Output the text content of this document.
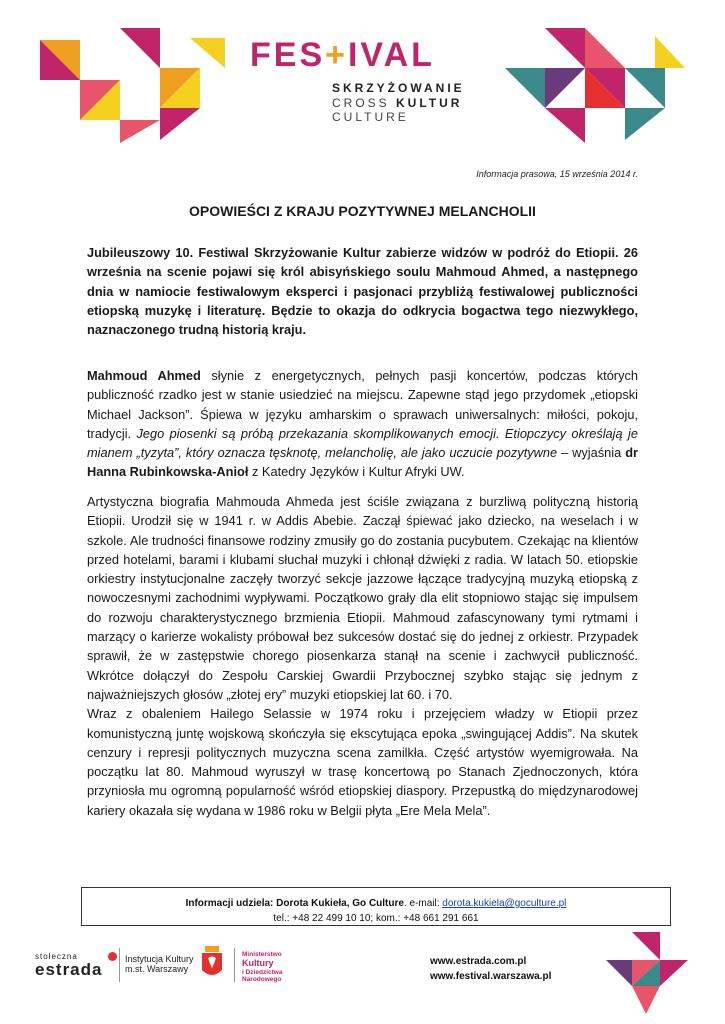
FES+IVAL
SKRZYŻOWANIE
CROSS KULTUR
CULTURE
Informacja prasowa, 15 września 2014 r.
OPOWIEŚCI Z KRAJU POZYTYWNEJ MELANCHOLII
Jubileuszowy 10. Festiwal Skrzyżowanie Kultur zabierze widzów w podróż do Etiopii. 26 września na scenie pojawi się król abisyńskiego soulu Mahmoud Ahmed, a następnego dnia w namiocie festiwalowym eksperci i pasjonaci przybliżą festiwalowej publiczności etiopską muzykę i literaturę. Będzie to okazja do odkrycia bogactwa tego niezwykłego, naznaczonego trudną historią kraju.
Mahmoud Ahmed słynie z energetycznych, pełnych pasji koncertów, podczas których publiczność rzadko jest w stanie usiedzieć na miejscu. Zapewne stąd jego przydomek „etiopski Michael Jackson”. Śpiewa w języku amharskim o sprawach uniwersalnych: miłości, pokoju, tradycji. Jego piosenki są próbą przekazania skomplikowanych emocji. Etiopczycy określają je mianem „tyzyta”, który oznacza tęsknotę, melancholię, ale jako uczucie pozytywne – wyjaśnia dr Hanna Rubinkowska-Anioł z Katedry Języków i Kultur Afryki UW.
Artystyczna biografia Mahmouda Ahmeda jest ściśle związana z burzliwą polityczną historią Etiopii. Urodził się w 1941 r. w Addis Abebie. Zaczął śpiewać jako dziecko, na weselach i w szkole. Ale trudności finansowe rodziny zmusiły go do zostania pucybutem. Czekając na klientów przed hotelami, barami i klubami słuchał muzyki i chłonął dźwięki z radia. W latach 50. etiopskie orkiestry instytucjonalne zaczęły tworzyć sekcje jazzowe łączące tradycyjną muzyką etiopską z nowoczesnymi zachodnimi wypływami. Początkowo grały dla elit stopniowo stając się impulsem do rozwoju charakterystycznego brzmienia Etiopii. Mahmoud zafascynowany tymi rytmami i marzący o karierze wokalisty próbował bez sukcesów dostać się do jednej z orkiestr. Przypadek sprawił, że w zastępstwie chorego piosenkarza stanął na scenie i zachwycił publiczność. Wkrótce dołączył do Zespołu Carskiej Gwardii Przybocznej szybko stając się jednym z najważniejszych głosów „złotej ery” muzyki etiopskiej lat 60. i 70.
Wraz z obaleniem Hailego Selassie w 1974 roku i przejęciem władzy w Etiopii przez komunistyczną juntę wojskową skończyła się ekscytująca epoka „swingującej Addis”. Na skutek cenzury i represji politycznych muzyczna scena zamilkła. Część artystów wyemigrowała. Na początku lat 80. Mahmoud wyruszył w trasę koncertową po Stanach Zjednoczonych, która przyniosła mu ogromną popularność wśród etiopskiej diaspory. Przepustką do międzynarodowej kariery okazała się wydana w 1986 roku w Belgii płyta „Ere Mela Mela”.
Informacji udziela: Dorota Kukieła, Go Culture. e-mail: dorota.kukiela@goculture.pl
tel.: +48 22 499 10 10; kom.: +48 661 291 661
stołeczna
estrada
Instytucja Kultury
m.st. Warszawy
Ministerstwo
Kultury
i Dziedzictwa
Narodowego
www.estrada.com.pl
www.festival.warszawa.pl
